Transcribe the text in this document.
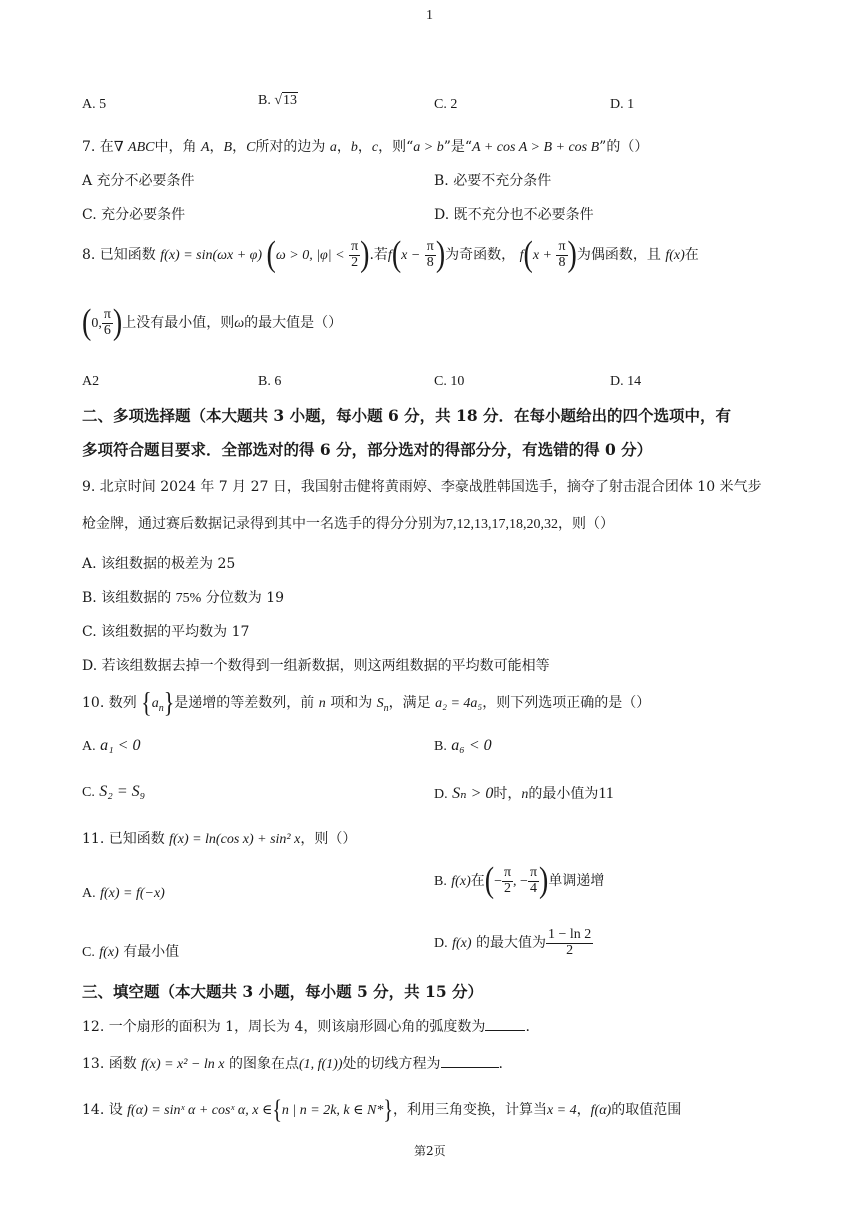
1
A. 5	B. √13	C. 2	D. 1
7. 在∇ ABC中，角 A，B，C所对的边为 a，b，c，则“a > b”是“A + cos A > B + cos B”的（）
A 充分不必要条件	B. 必要不充分条件
C. 充分必要条件	D. 既不充分也不必要条件
8. 已知函数 f(x) = sin(ωx + φ) (ω > 0, $|\varphi| < \frac{\pi}{2}$ ).若$f(x - \frac{\pi}{8}$ )为奇函数， $f(x + \frac{\pi}{8}$ )为偶函数，且 f(x)在
(0, $\frac{\pi}{6}$ )上没有最小值，则ω的最大值是（）
A2	B. 6	C. 10	D. 14
二、多项选择题（本大题共 3 小题，每小题 6 分，共 18 分．在每小题给出的四个选项中，有
多项符合题目要求．全部选对的得 6 分，部分选对的得部分分，有选错的得 0 分）
9. 北京时间 2024 年 7 月 27 日，我国射击健将黄雨婷、李豪战胜韩国选手，摘夺了射击混合团体 10 米气步
枪金牌，通过赛后数据记录得到其中一名选手的得分分别为7,12,13,17,18,20,32，则（）
A. 该组数据的极差为 25
B. 该组数据的 75% 分位数为 19
C. 该组数据的平均数为 17
D. 若该组数据去掉一个数得到一组新数据，则这两组数据的平均数可能相等
10. 数列 $\{a_n\}$是递增的等差数列，前 n 项和为 $S_n$，满足 a₂ = 4a₅，则下列选项正确的是（）
A. a₁ < 0	B. a₆ < 0
C. S₂ = S₉	D. Sₙ > 0时，n的最小值为11
11. 已知函数 f(x) = ln(cos x) + sin² x，则（）
A. f(x) = f(−x)
B. f(x)在(− $\frac{\pi}{2}$ , − $\frac{\pi}{4}$ )单调递增
C. f(x) 有最小值
D. f(x) 的最大值为 $\frac{1 - \ln 2}{2}$
三、填空题（本大题共 3 小题，每小题 5 分，共 15 分）
12. 一个扇形的面积为 1，周长为 4，则该扇形圆心角的弧度数为	.
13. 函数 f(x) = x² − ln x 的图象在点(1, f(1))处的切线方程为	.
14. 设 f(α) = sinˣ α + cosˣ α, x ∈{n | n = 2k, k ∈ N*}，利用三角变换，计算当x = 4，f(α)的取值范围
第2页
